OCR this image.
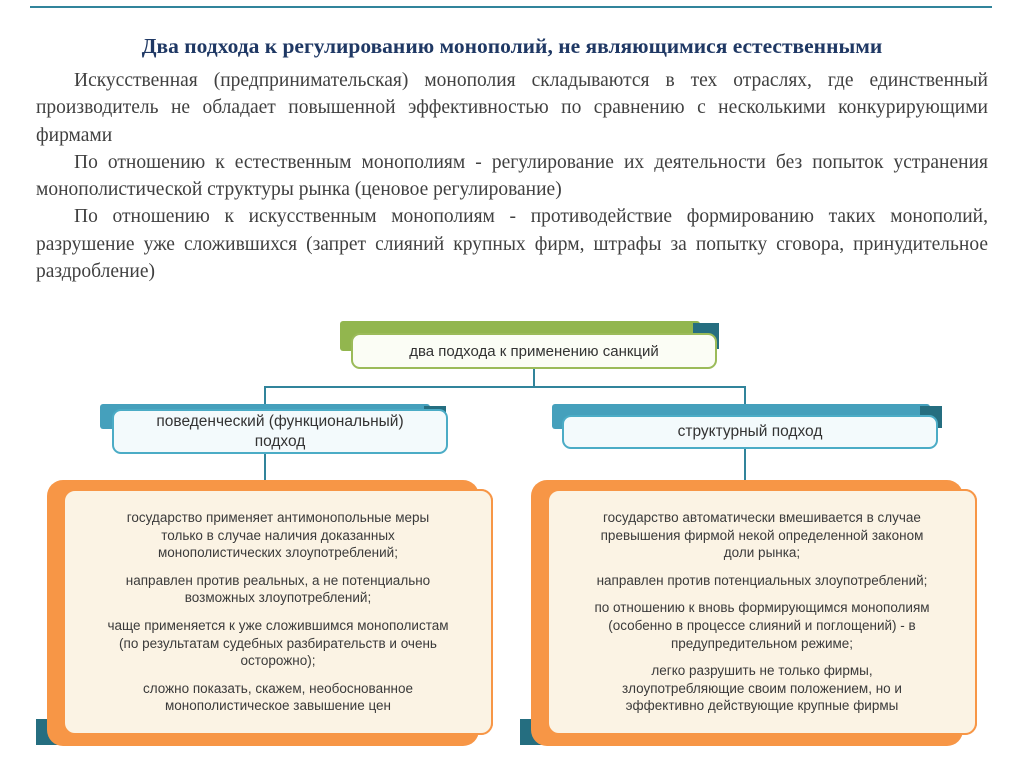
Два подхода к регулированию монополий, не являющимися естественными

Искусственная (предпринимательская) монополия складываются в тех отраслях, где единственный производитель не обладает повышенной эффективностью по сравнению с несколькими конкурирующими фирмами

По отношению к естественным монополиям - регулирование их деятельности без попыток устранения монополистической структуры рынка (ценовое регулирование)

По отношению к искусственным монополиям - противодействие формированию таких монополий, разрушение уже сложившихся (запрет слияний крупных фирм, штрафы за попытку сговора, принудительное раздробление)

два подхода к применению санкций
поведенческий (функциональный) подход
структурный подход

государство применяет антимонопольные меры только в случае наличия доказанных монополистических злоупотреблений;

направлен против реальных, а не потенциально возможных злоупотреблений;

чаще применяется к уже сложившимся монополистам (по результатам судебных разбирательств и очень осторожно);

сложно показать, скажем, необоснованное монополистическое завышение цен

государство автоматически вмешивается в случае превышения фирмой некой определенной законом доли рынка;

направлен против потенциальных злоупотреблений;

по отношению к вновь формирующимся монополиям (особенно в процессе слияний и поглощений) - в предупредительном режиме;

легко разрушить не только фирмы, злоупотребляющие своим положением, но и эффективно действующие крупные фирмы
